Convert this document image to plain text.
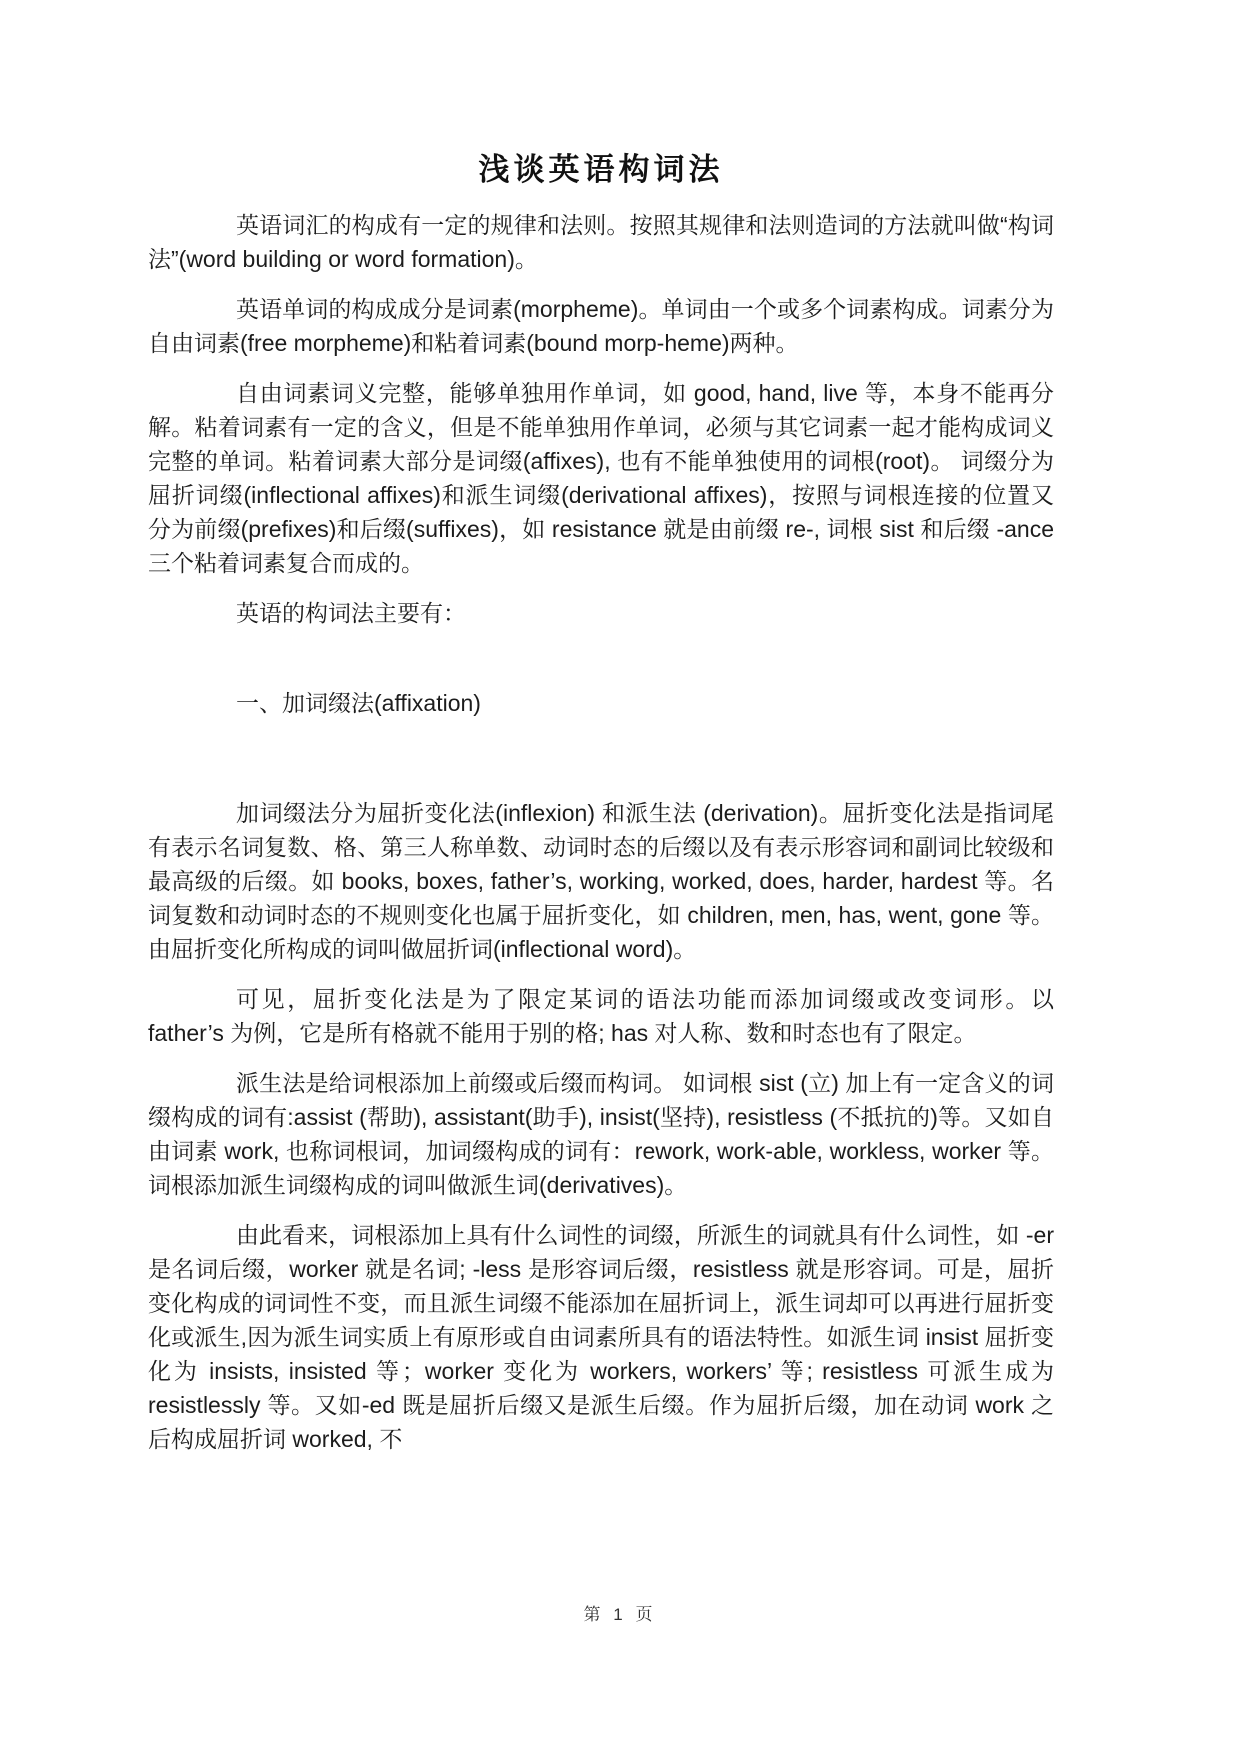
浅谈英语构词法

英语词汇的构成有一定的规律和法则。按照其规律和法则造词的方法就叫做“构词法”(word building or word formation)。

英语单词的构成成分是词素(morpheme)。单词由一个或多个词素构成。词素分为自由词素(free morpheme)和粘着词素(bound morp-heme)两种。

自由词素词义完整，能够单独用作单词，如 good, hand, live 等，本身不能再分解。粘着词素有一定的含义，但是不能单独用作单词，必须与其它词素一起才能构成词义完整的单词。粘着词素大部分是词缀(affixes), 也有不能单独使用的词根(root)。 词缀分为屈折词缀(inflectional affixes)和派生词缀(derivational affixes)，按照与词根连接的位置又分为前缀(prefixes)和后缀(suffixes)，如 resistance 就是由前缀 re-, 词根 sist 和后缀 -ance 三个粘着词素复合而成的。

英语的构词法主要有：

一、加词缀法(affixation)

加词缀法分为屈折变化法(inflexion) 和派生法 (derivation)。屈折变化法是指词尾有表示名词复数、格、第三人称单数、动词时态的后缀以及有表示形容词和副词比较级和最高级的后缀。如 books, boxes, father’s, working, worked, does, harder, hardest 等。名词复数和动词时态的不规则变化也属于屈折变化，如 children, men, has, went, gone 等。由屈折变化所构成的词叫做屈折词(inflectional word)。

可见，屈折变化法是为了限定某词的语法功能而添加词缀或改变词形。以 father’s 为例，它是所有格就不能用于别的格; has 对人称、数和时态也有了限定。

派生法是给词根添加上前缀或后缀而构词。 如词根 sist (立) 加上有一定含义的词缀构成的词有:assist (帮助), assistant(助手), insist(坚持), resistless (不抵抗的)等。又如自由词素 work, 也称词根词，加词缀构成的词有：rework, work-able, workless, worker 等。词根添加派生词缀构成的词叫做派生词(derivatives)。

由此看来，词根添加上具有什么词性的词缀，所派生的词就具有什么词性，如 -er 是名词后缀，worker 就是名词; -less 是形容词后缀，resistless 就是形容词。可是，屈折变化构成的词词性不变，而且派生词缀不能添加在屈折词上，派生词却可以再进行屈折变化或派生,因为派生词实质上有原形或自由词素所具有的语法特性。如派生词 insist 屈折变化为 insists, insisted 等；worker 变化为 workers, workers’ 等; resistless 可派生成为 resistlessly 等。又如-ed 既是屈折后缀又是派生后缀。作为屈折后缀，加在动词 work 之后构成屈折词 worked, 不

第 1 页
